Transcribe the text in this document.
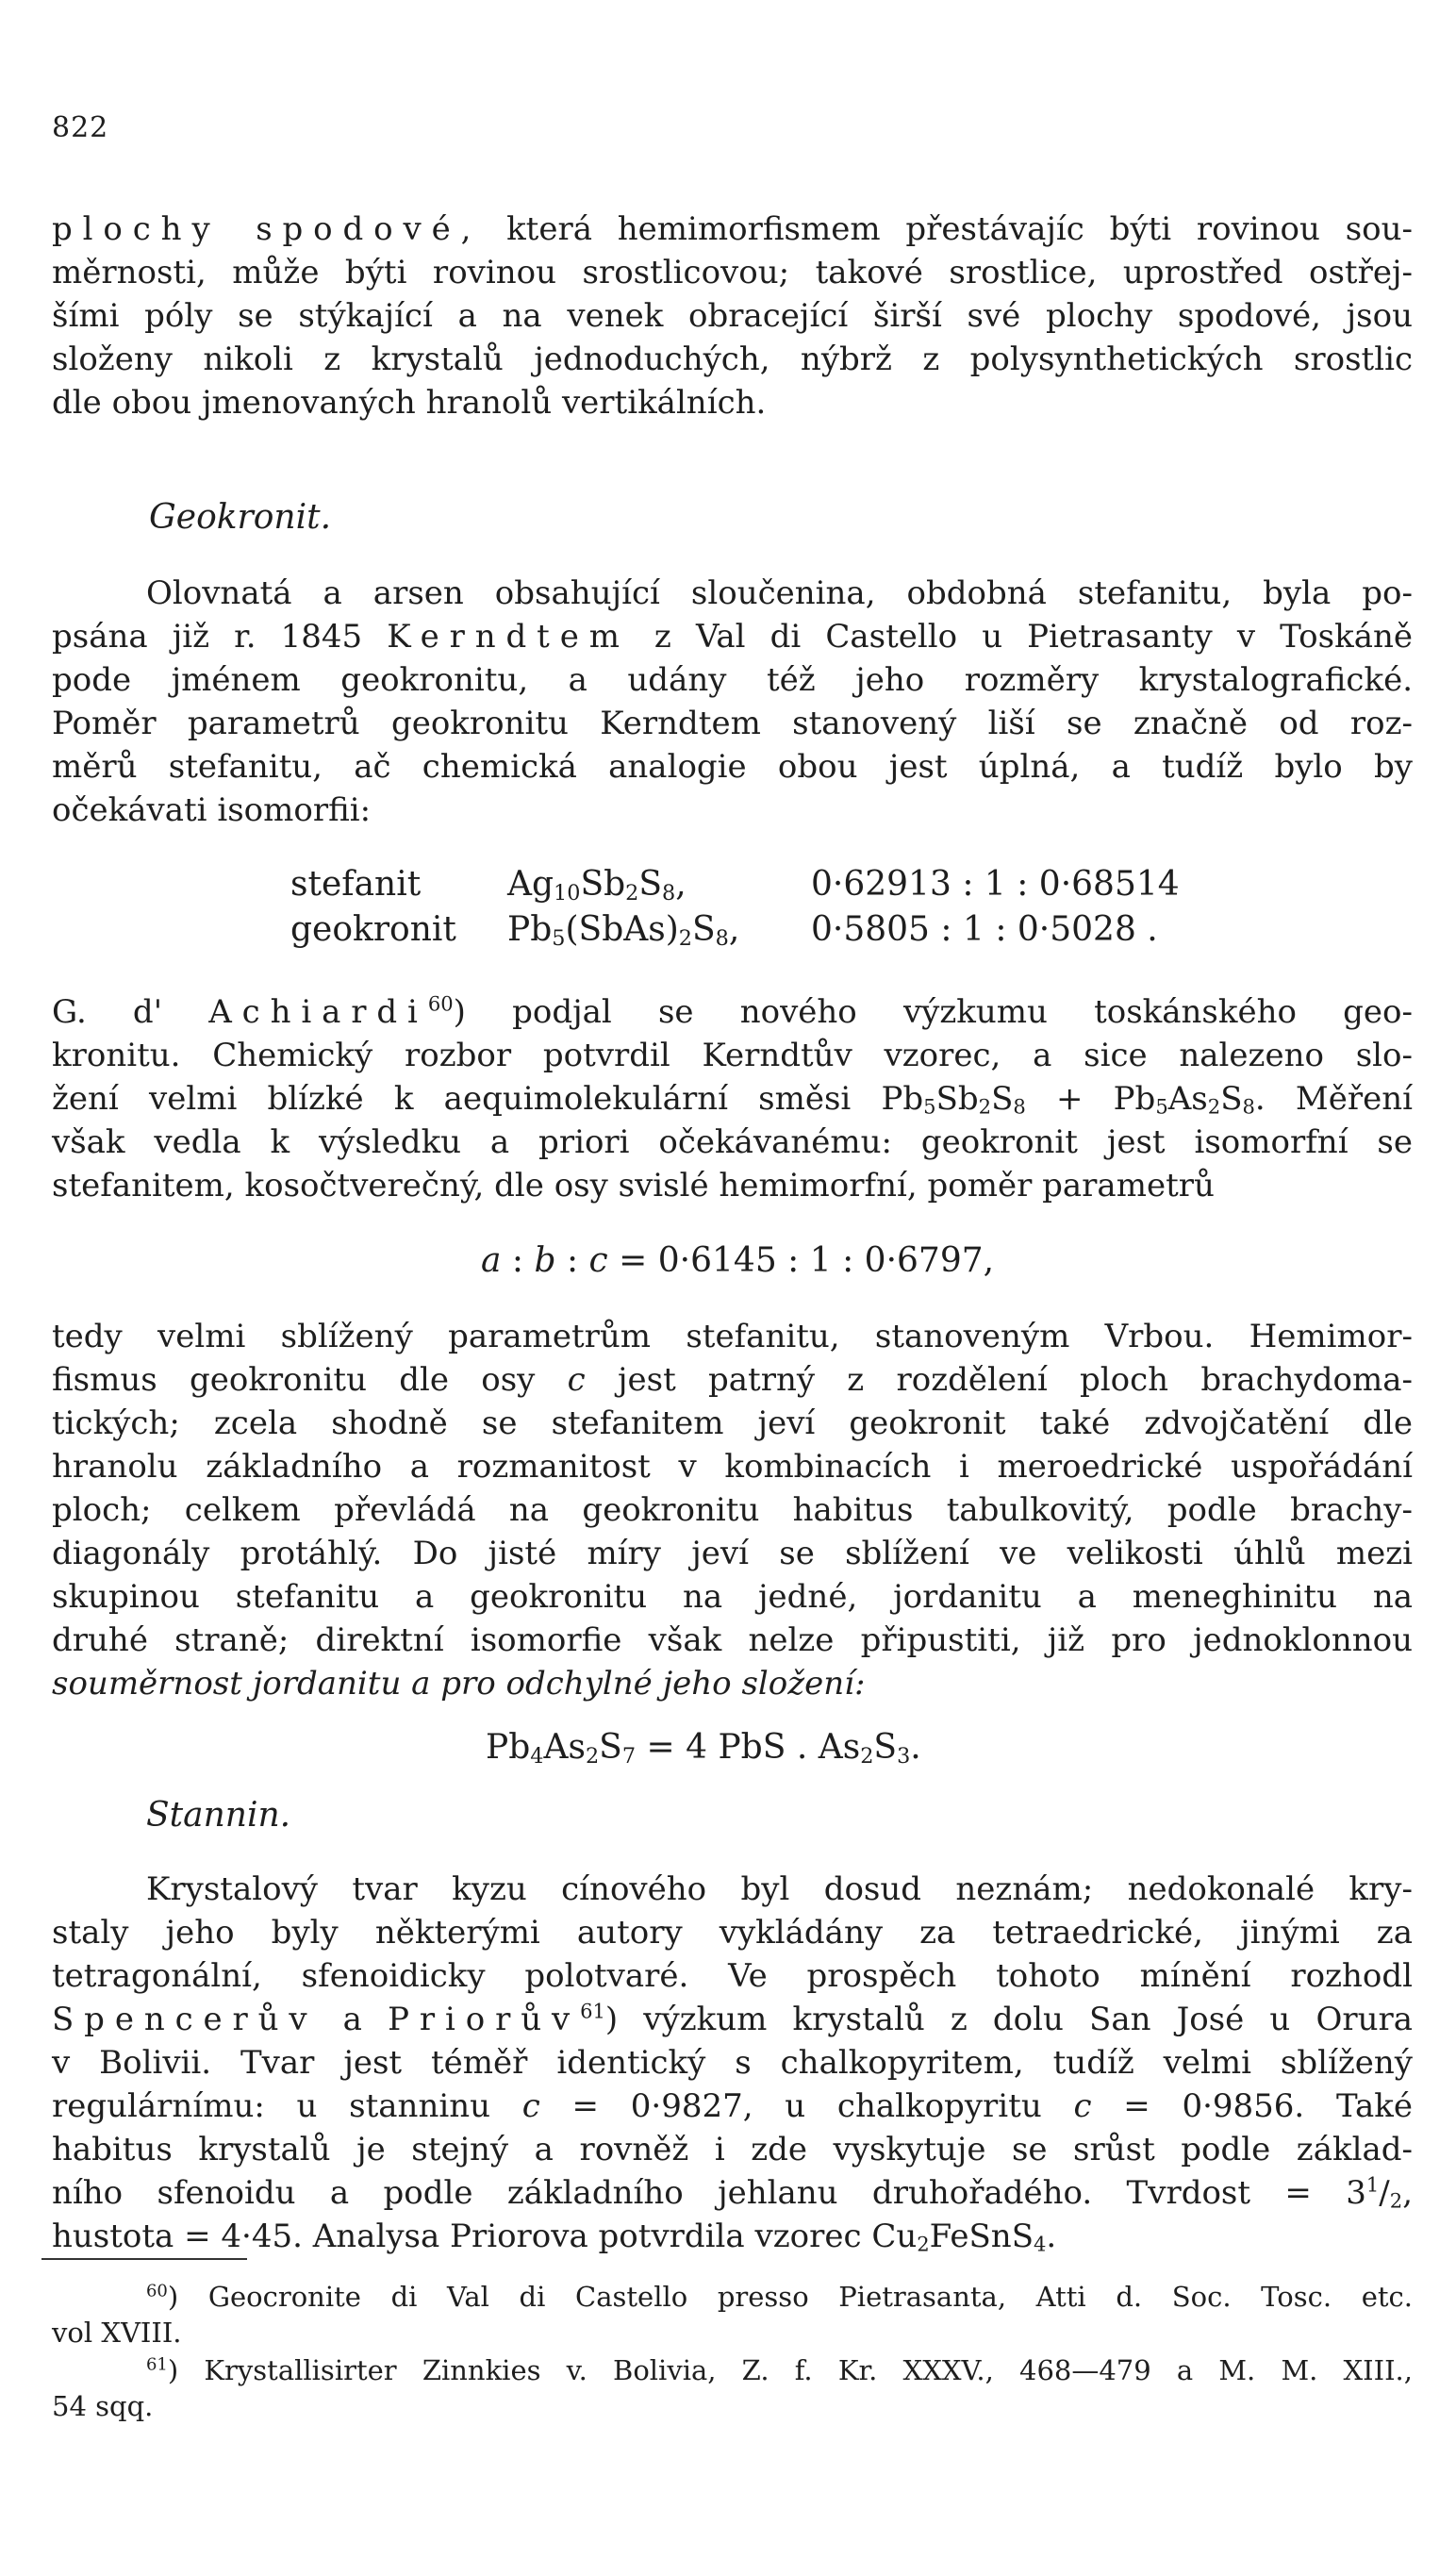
822
plochy spodové, která hemimorfismem přestávajíc býti rovinou sou-
měrnosti, může býti rovinou srostlicovou; takové srostlice, uprostřed ostřej-
šími póly se stýkající a na venek obracející širší své plochy spodové, jsou
složeny nikoli z krystalů jednoduchých, nýbrž z polysynthetických srostlic
dle obou jmenovaných hranolů vertikálních.
Geokronit.
Olovnatá a arsen obsahující sloučenina, obdobná stefanitu, byla po-
psána již r. 1845 Kerndtem z Val di Castello u Pietrasanty v Toskáně
pode jménem geokronitu, a udány též jeho rozměry krystalografické.
Poměr parametrů geokronitu Kerndtem stanovený liší se značně od roz-
měrů stefanitu, ač chemická analogie obou jest úplná, a tudíž bylo by
očekávati isomorfii:
stefanit	$Ag_{10}Sb_2S_8$,	0·62913 : 1 : 0·68514
geokronit $Pb_5(SbAs)_2S_8$, 0·5805 : 1 : 0·5028 .
G. d' Achiardi$^{60}$) podjal se nového výzkumu toskánského geo-
kronitu. Chemický rozbor potvrdil Kerndtův vzorec, a sice nalezeno slo-
žení velmi blízké k aequimolekulární směsi $Pb_5Sb_2S_8 + Pb_5As_2S_8$. Měření
však vedla k výsledku a priori očekávanému: geokronit jest isomorfní se
stefanitem, kosočtverečný, dle osy svislé hemimorfní, poměr parametrů
a : b : c = 0·6145 : 1 : 0·6797,
tedy velmi sblížený parametrům stefanitu, stanoveným Vrbou. Hemimor-
fismus geokronitu dle osy c jest patrný z rozdělení ploch brachydoma-
tických; zcela shodně se stefanitem jeví geokronit také zdvojčatění dle
hranolu základního a rozmanitost v kombinacích i meroedrické uspořádání
ploch; celkem převládá na geokronitu habitus tabulkovitý, podle brachy-
diagonály protáhlý. Do jisté míry jeví se sblížení ve velikosti úhlů mezi
skupinou stefanitu a geokronitu na jedné, jordanitu a meneghinitu na
druhé straně; direktní isomorfie však nelze připustiti, již pro jednoklonnou
souměrnost jordanitu a pro odchylné jeho složení:
$Pb_4As_2S_7 = 4$ PbS . $As_2S_3$.
Stannin.
Krystalový tvar kyzu cínového byl dosud neznám; nedokonalé kry-
staly jeho byly některými autory vykládány za tetraedrické, jinými za
tetragonální, sfenoidicky polotvaré. Ve prospěch tohoto mínění rozhodl
Spencerův a Priorův$^{61}$) výzkum krystalů z dolu San José u Orura
v Bolivii. Tvar jest téměř identický s chalkopyritem, tudíž velmi sblížený
regulárnímu: u stanninu c = 0·9827, u chalkopyritu c = 0·9856. Také
habitus krystalů je stejný a rovněž i zde vyskytuje se srůst podle základ-
ního sfenoidu a podle základního jehlanu druhořadého. Tvrdost = $3^1/_2$,
hustota = 4·45. Analysa Priorova potvrdila vzorec $Cu_2FeSnS_4$.
$^{60}$) Geocronite di Val di Castello presso Pietrasanta, Atti d. Soc. Tosc. etc.
vol XVIII.
$^{61}$) Krystallisirter Zinnkies v. Bolivia, Z. f. Kr. XXXV., 468—479 a M. M. XIII.,
54 sqq.
